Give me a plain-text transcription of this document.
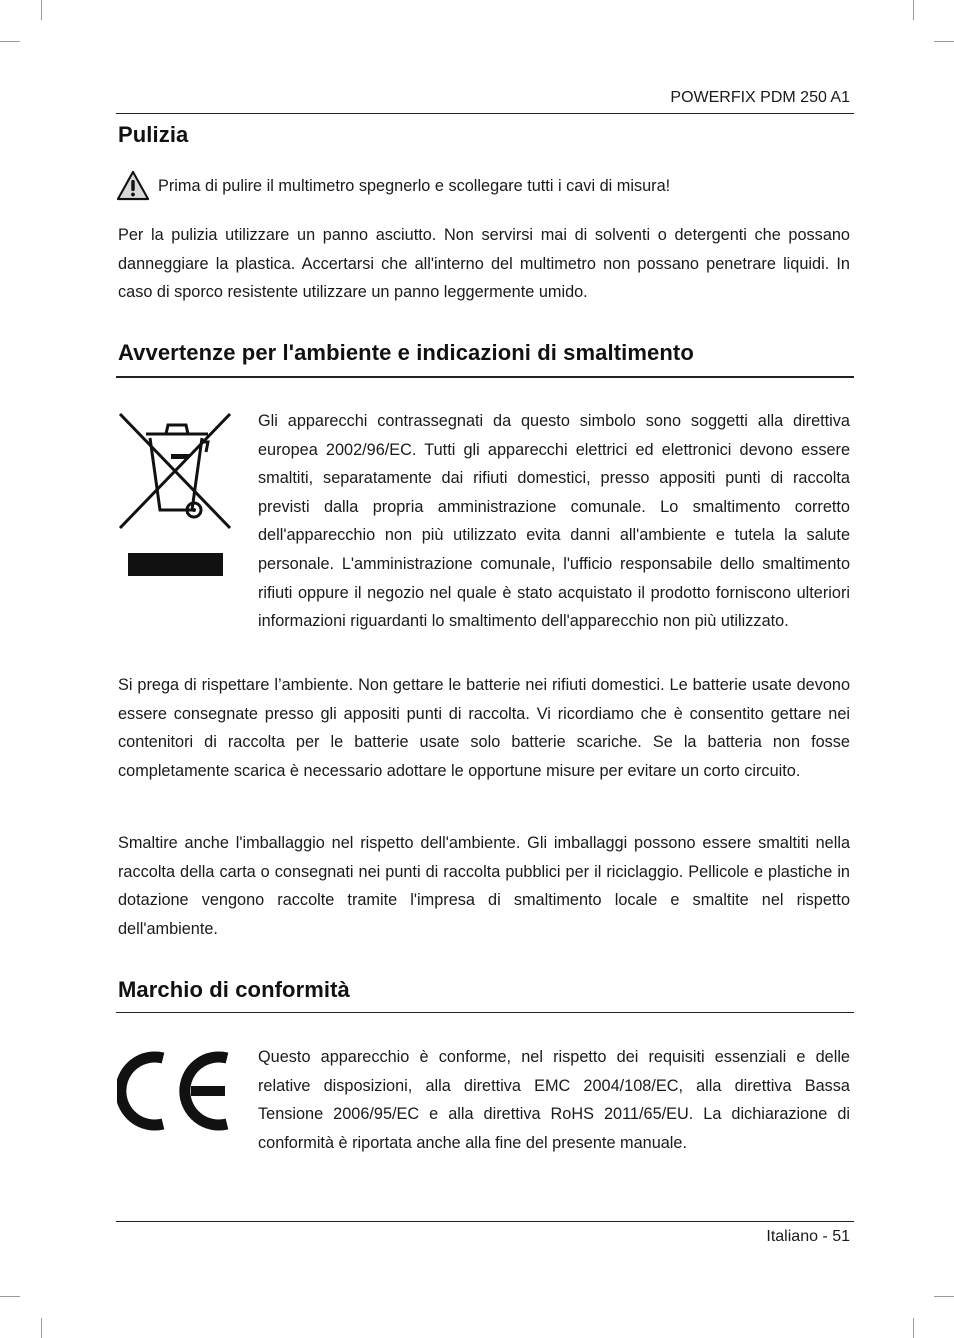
POWERFIX PDM 250 A1
Pulizia
Prima di pulire il multimetro spegnerlo e scollegare tutti i cavi di misura!

Per la pulizia utilizzare un panno asciutto. Non servirsi mai di solventi o detergenti che possano danneggiare la plastica. Accertarsi che all'interno del multimetro non possano penetrare liquidi. In caso di sporco resistente utilizzare un panno leggermente umido.

Avvertenze per l'ambiente e indicazioni di smaltimento

Gli apparecchi contrassegnati da questo simbolo sono soggetti alla direttiva europea 2002/96/EC. Tutti gli apparecchi elettrici ed elettronici devono essere smaltiti, separatamente dai rifiuti domestici, presso appositi punti di raccolta previsti dalla propria amministrazione comunale. Lo smaltimento corretto dell'apparecchio non più utilizzato evita danni all'ambiente e tutela la salute personale. L'amministrazione comunale, l'ufficio responsabile dello smaltimento rifiuti oppure il negozio nel quale è stato acquistato il prodotto forniscono ulteriori informazioni riguardanti lo smaltimento dell'apparecchio non più utilizzato.

Si prega di rispettare l’ambiente. Non gettare le batterie nei rifiuti domestici. Le batterie usate devono essere consegnate presso gli appositi punti di raccolta. Vi ricordiamo che è consentito gettare nei contenitori di raccolta per le batterie usate solo batterie scariche. Se la batteria non fosse completamente scarica è necessario adottare le opportune misure per evitare un corto circuito.

Smaltire anche l'imballaggio nel rispetto dell'ambiente. Gli imballaggi possono essere smaltiti nella raccolta della carta o consegnati nei punti di raccolta pubblici per il riciclaggio. Pellicole e plastiche in dotazione vengono raccolte tramite l'impresa di smaltimento locale e smaltite nel rispetto dell'ambiente.

Marchio di conformità

Questo apparecchio è conforme, nel rispetto dei requisiti essenziali e delle relative disposizioni, alla direttiva EMC 2004/108/EC, alla direttiva Bassa Tensione 2006/95/EC e alla direttiva RoHS 2011/65/EU. La dichiarazione di conformità è riportata anche alla fine del presente manuale.

Italiano - 51
